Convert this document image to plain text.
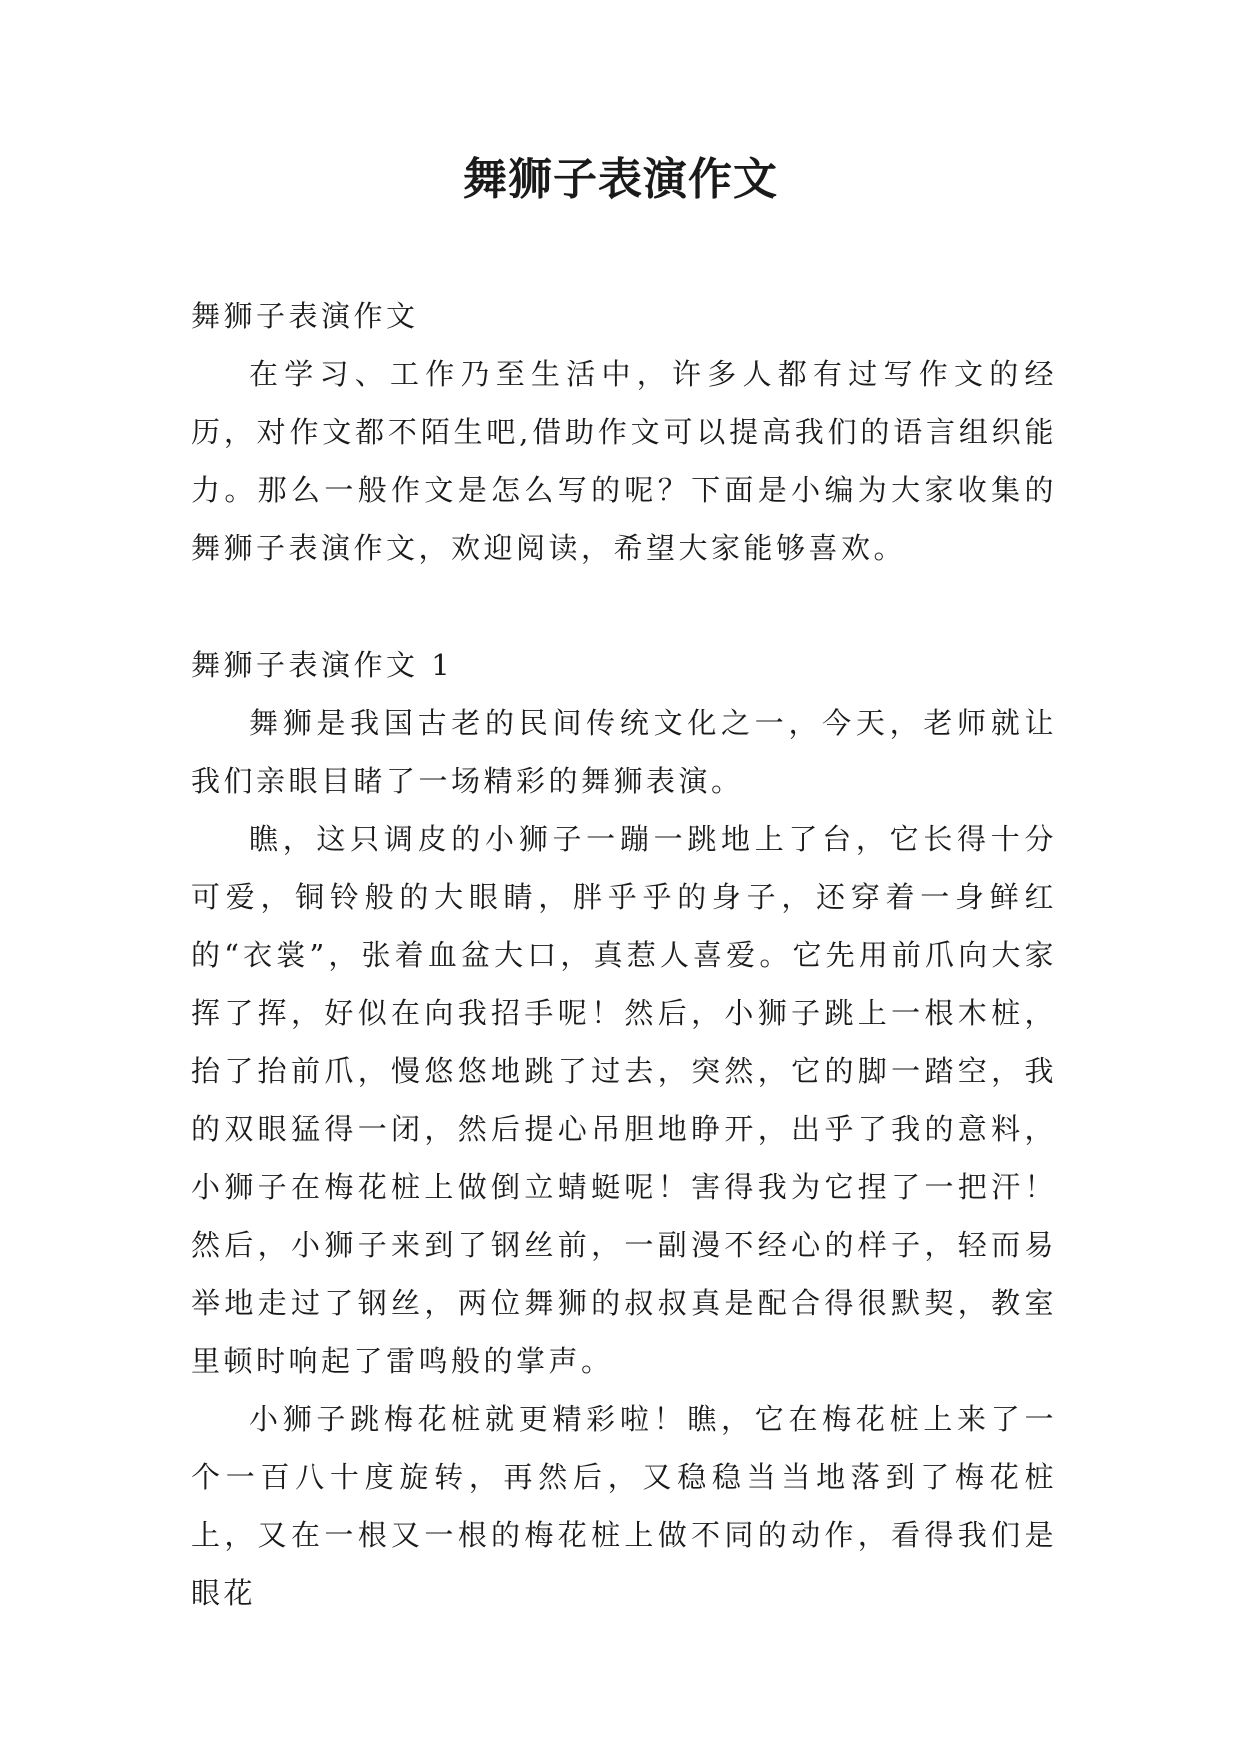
舞狮子表演作文

舞狮子表演作文

在学习、工作乃至生活中，许多人都有过写作文的经历，对作文都不陌生吧,借助作文可以提高我们的语言组织能力。那么一般作文是怎么写的呢？下面是小编为大家收集的舞狮子表演作文，欢迎阅读，希望大家能够喜欢。

舞狮子表演作文 1

舞狮是我国古老的民间传统文化之一，今天，老师就让我们亲眼目睹了一场精彩的舞狮表演。

瞧，这只调皮的小狮子一蹦一跳地上了台，它长得十分可爱，铜铃般的大眼睛，胖乎乎的身子，还穿着一身鲜红的“衣裳”，张着血盆大口，真惹人喜爱。它先用前爪向大家挥了挥，好似在向我招手呢！然后，小狮子跳上一根木桩，抬了抬前爪，慢悠悠地跳了过去，突然，它的脚一踏空，我的双眼猛得一闭，然后提心吊胆地睁开，出乎了我的意料，小狮子在梅花桩上做倒立蜻蜓呢！害得我为它捏了一把汗！然后，小狮子来到了钢丝前，一副漫不经心的样子，轻而易举地走过了钢丝，两位舞狮的叔叔真是配合得很默契，教室里顿时响起了雷鸣般的掌声。

小狮子跳梅花桩就更精彩啦！瞧，它在梅花桩上来了一个一百八十度旋转，再然后，又稳稳当当地落到了梅花桩上，又在一根又一根的梅花桩上做不同的动作，看得我们是眼花
